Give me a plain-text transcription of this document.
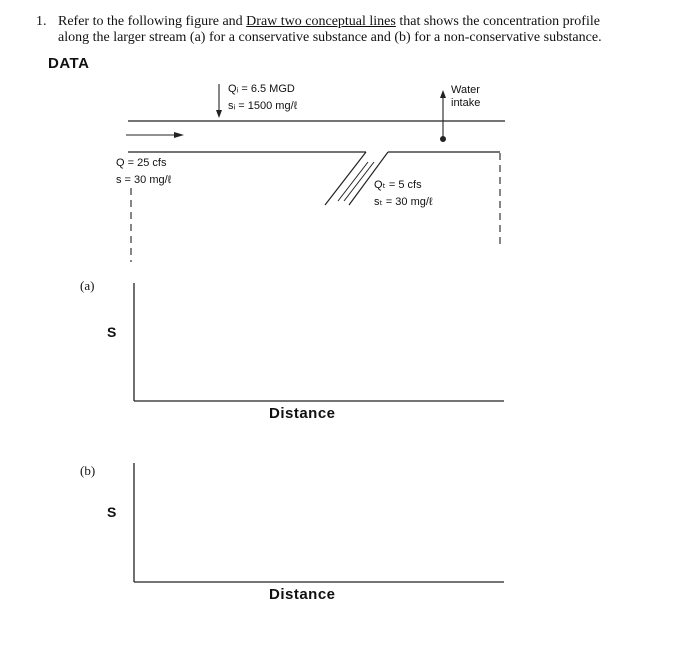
1. Refer to the following figure and Draw two conceptual lines that shows the concentration profile
along the larger stream (a) for a conservative substance and (b) for a non-conservative substance.
DATA
Qᵢ = 6.5 MGD
sᵢ = 1500 mg/ℓ
Water
intake
Q = 25 cfs
s = 30 mg/ℓ	Qₜ = 5 cfs
sₜ = 30 mg/ℓ
(a)
S
Distance
(b)
S
Distance
